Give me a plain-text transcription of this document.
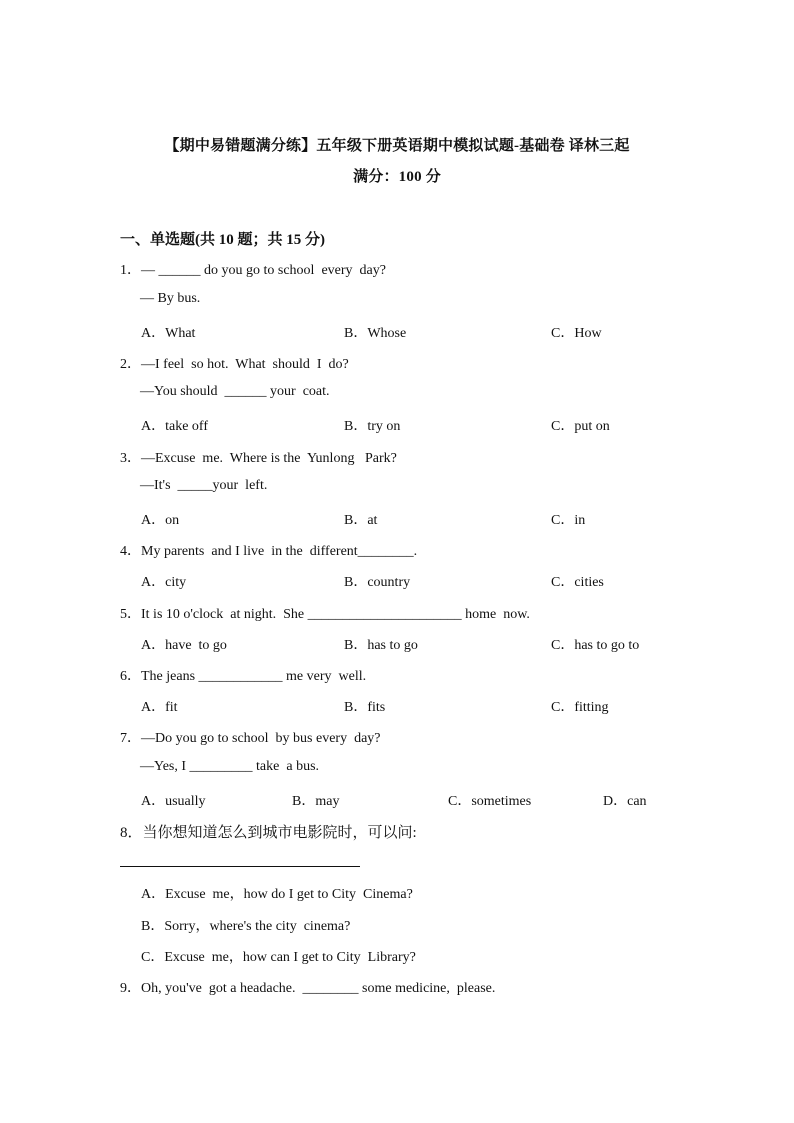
【期中易错题满分练】五年级下册英语期中模拟试题-基础卷 译林三起
满分：100 分
一、单选题(共 10 题；共 15 分)
1．— ______ do you go to school  every  day?
— By bus.
A．What	B．Whose	C．How
2．—I feel  so hot.  What  should  I  do?
—You should  ______ your  coat.
A．take off	B．try on	C．put on
3．—Excuse  me.  Where is the  Yunlong   Park?
—It's  _____your  left.
A．on	B．at	C．in
4．My parents  and I live  in the  different________.
A．city	B．country	C．cities
5．It is 10 o'clock  at night.  She ______________________ home  now.
A．have  to go	B．has to go	C．has to go to
6．The jeans ____________ me very  well.
A．fit	B．fits	C．fitting
7．—Do you go to school  by bus every  day?
—Yes, I _________ take  a bus.
A．usually	B．may	C．sometimes	D．can
8．当你想知道怎么到城市电影院时，可以问:
A．Excuse  me，how do I get to City  Cinema?
B．Sorry，where's the city  cinema?
C．Excuse  me，how can I get to City  Library?
9．Oh, you've  got a headache.  ________ some medicine,  please.
